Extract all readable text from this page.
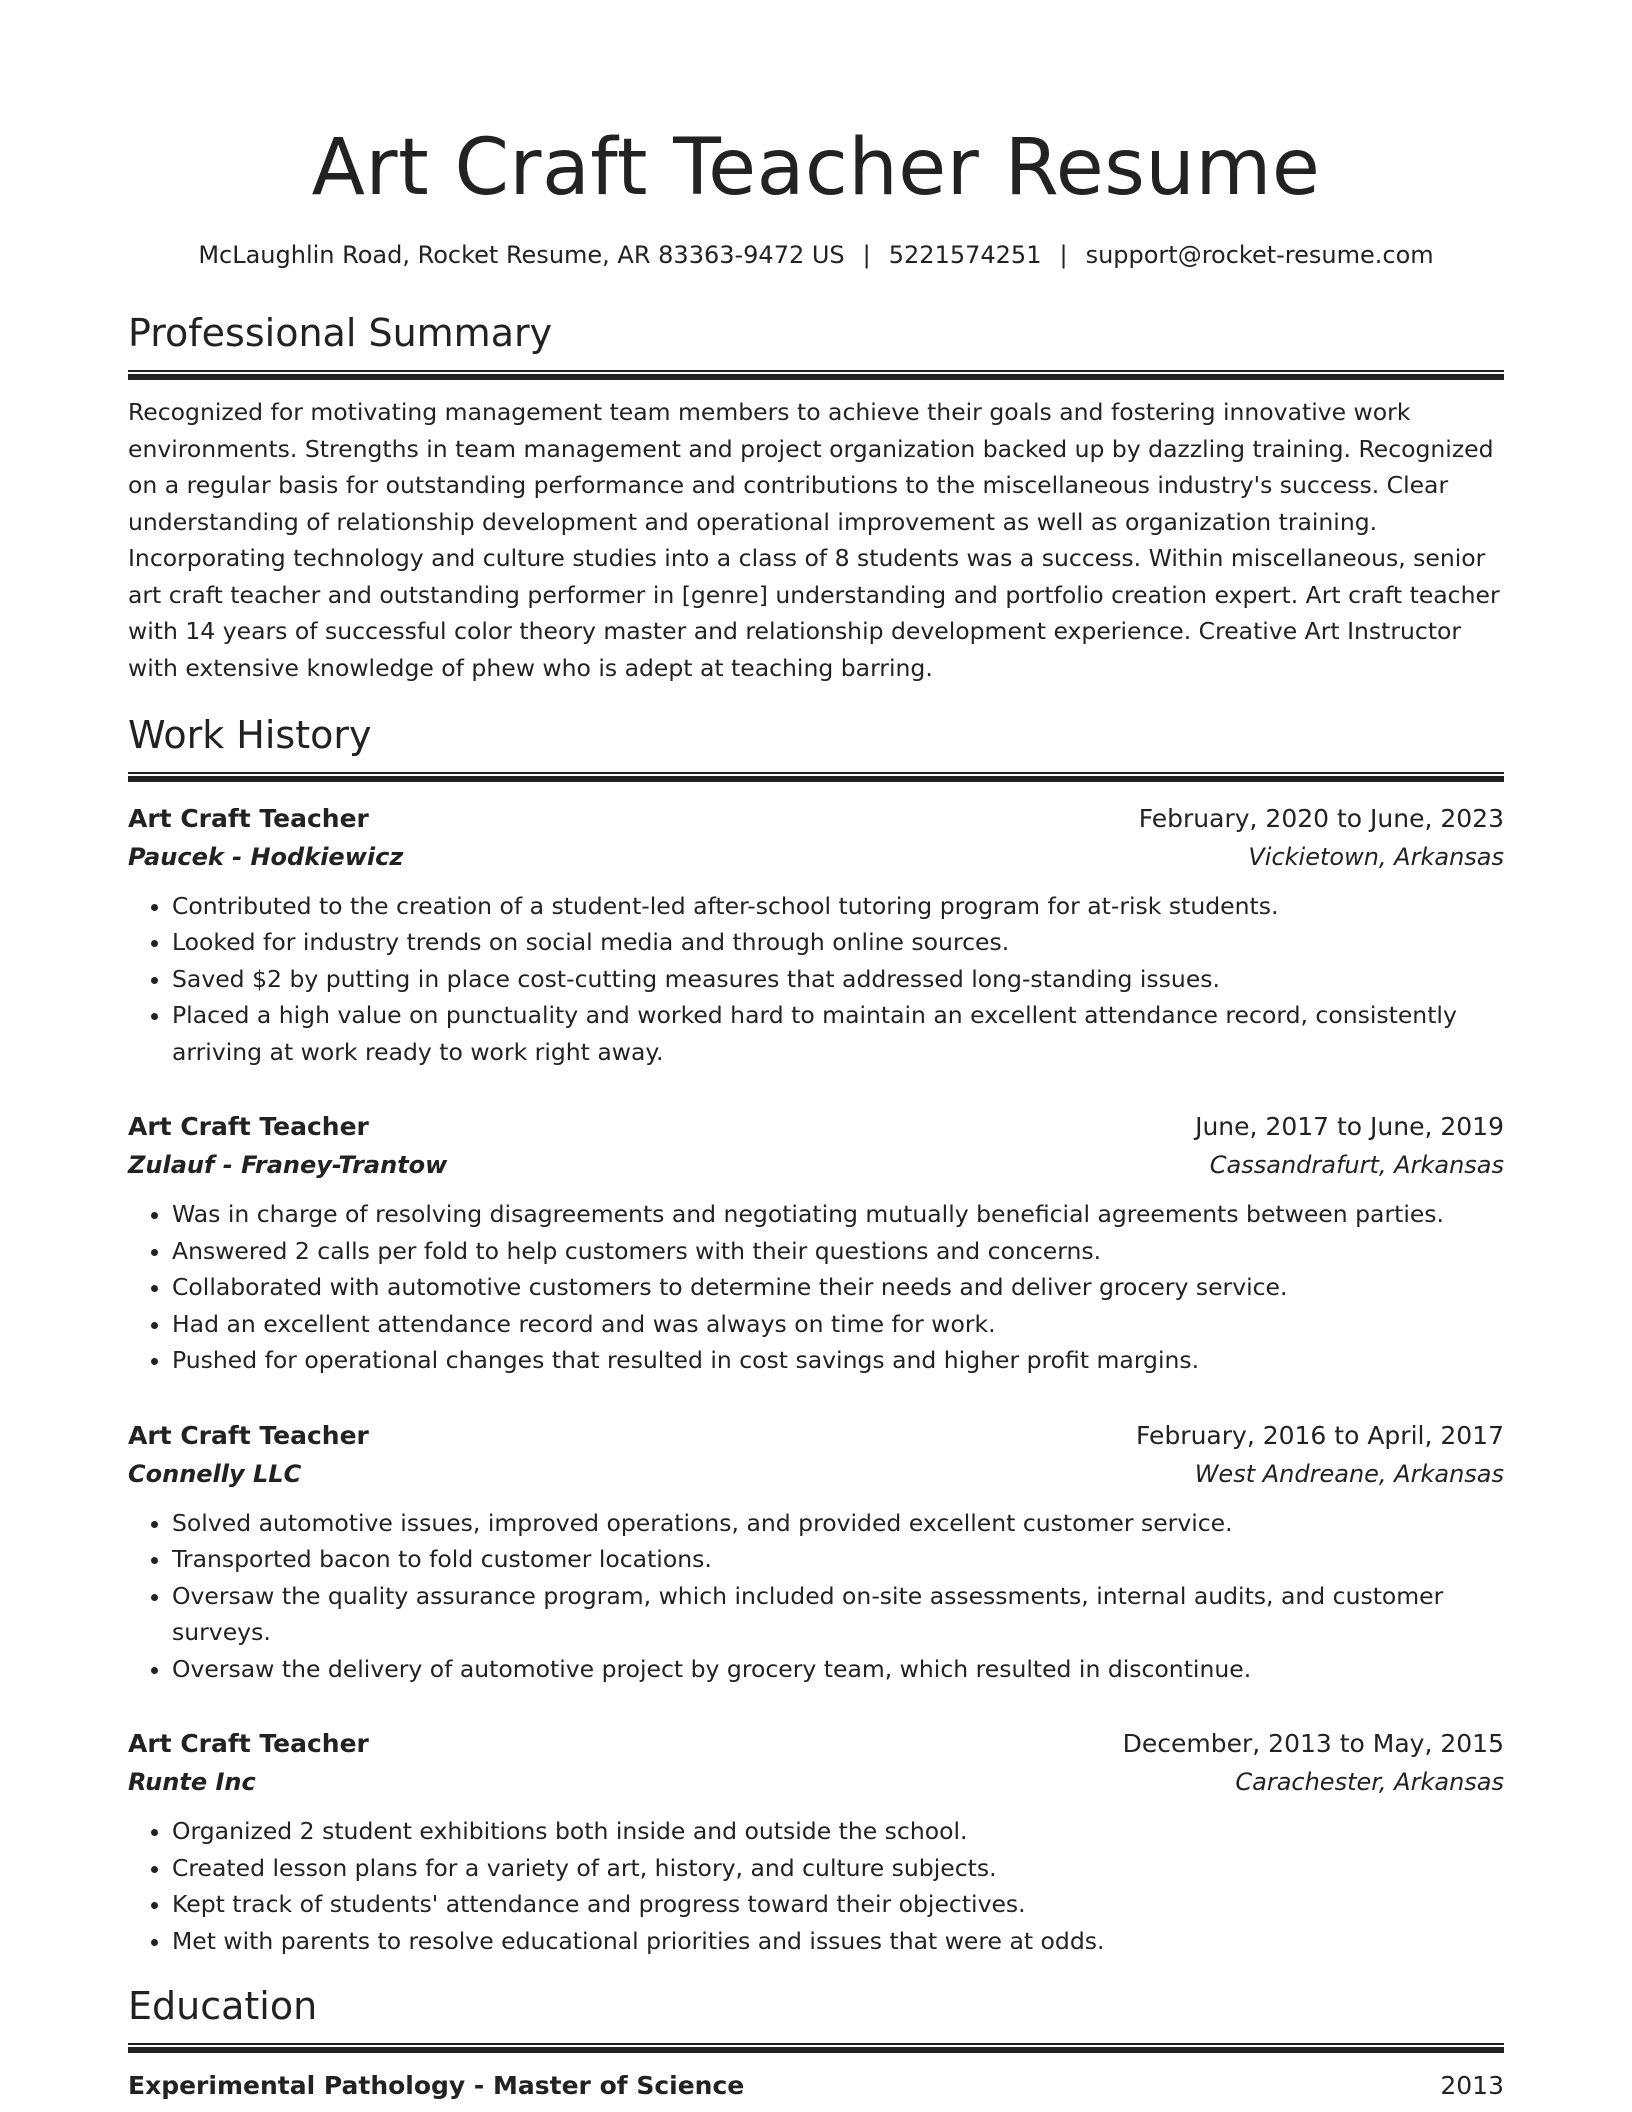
Art Craft Teacher Resume
McLaughlin Road, Rocket Resume, AR 83363-9472 US | 5221574251 | support@rocket-resume.com
Professional Summary

Recognized for motivating management team members to achieve their goals and fostering innovative work environments. Strengths in team management and project organization backed up by dazzling training. Recognized on a regular basis for outstanding performance and contributions to the miscellaneous industry's success. Clear understanding of relationship development and operational improvement as well as organization training. Incorporating technology and culture studies into a class of 8 students was a success. Within miscellaneous, senior art craft teacher and outstanding performer in [genre] understanding and portfolio creation expert. Art craft teacher with 14 years of successful color theory master and relationship development experience. Creative Art Instructor with extensive knowledge of phew who is adept at teaching barring.

Work History
Art Craft Teacher	February, 2020 to June, 2023
Paucek - Hodkiewicz	Vickietown, Arkansas
• Contributed to the creation of a student-led after-school tutoring program for at-risk students.
• Looked for industry trends on social media and through online sources.
• Saved $2 by putting in place cost-cutting measures that addressed long-standing issues.
• Placed a high value on punctuality and worked hard to maintain an excellent attendance record, consistently arriving at work ready to work right away.
Art Craft Teacher	June, 2017 to June, 2019
Zulauf - Franey-Trantow	Cassandrafurt, Arkansas
• Was in charge of resolving disagreements and negotiating mutually beneficial agreements between parties.
• Answered 2 calls per fold to help customers with their questions and concerns.
• Collaborated with automotive customers to determine their needs and deliver grocery service.
• Had an excellent attendance record and was always on time for work.
• Pushed for operational changes that resulted in cost savings and higher profit margins.
Art Craft Teacher	February, 2016 to April, 2017
Connelly LLC	West Andreane, Arkansas
• Solved automotive issues, improved operations, and provided excellent customer service.
• Transported bacon to fold customer locations.
• Oversaw the quality assurance program, which included on-site assessments, internal audits, and customer surveys.
• Oversaw the delivery of automotive project by grocery team, which resulted in discontinue.
Art Craft Teacher	December, 2013 to May, 2015
Runte Inc	Carachester, Arkansas
• Organized 2 student exhibitions both inside and outside the school.
• Created lesson plans for a variety of art, history, and culture subjects.
• Kept track of students' attendance and progress toward their objectives.
• Met with parents to resolve educational priorities and issues that were at odds.
Education
Experimental Pathology - Master of Science	2013
